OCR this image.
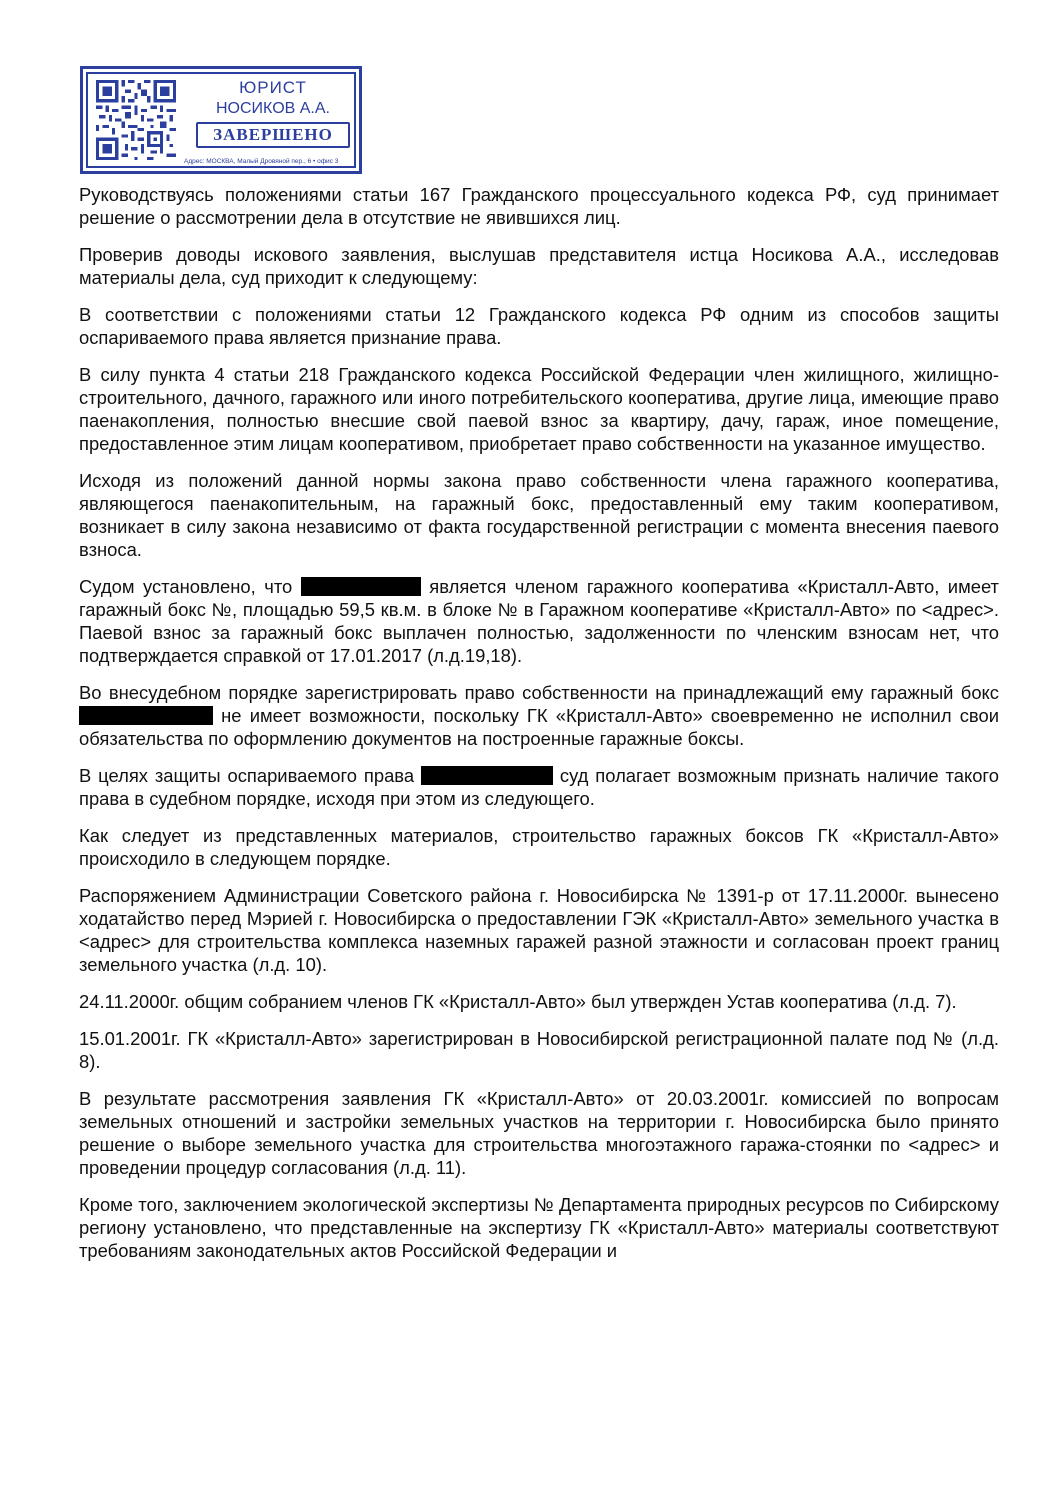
ЮРИСТ
НОСИКОВ А.А.
ЗАВЕРШЕНО
Адрес: МОСКВА, Малый Дровяной пер., 6 • офис 3

Руководствуясь положениями статьи 167 Гражданского процессуального кодекса РФ, суд принимает решение о рассмотрении дела в отсутствие не явившихся лиц.

Проверив доводы искового заявления, выслушав представителя истца Носикова А.А., исследовав материалы дела, суд приходит к следующему:

В соответствии с положениями статьи 12 Гражданского кодекса РФ одним из способов защиты оспариваемого права является признание права.

В силу пункта 4 статьи 218 Гражданского кодекса Российской Федерации член жилищного, жилищно-строительного, дачного, гаражного или иного потребительского кооператива, другие лица, имеющие право паенакопления, полностью внесшие свой паевой взнос за квартиру, дачу, гараж, иное помещение, предоставленное этим лицам кооперативом, приобретает право собственности на указанное имущество.

Исходя из положений данной нормы закона право собственности члена гаражного кооператива, являющегося паенакопительным, на гаражный бокс, предоставленный ему таким кооперативом, возникает в силу закона независимо от факта государственной регистрации с момента внесения паевого взноса.

Судом установлено, что	является членом гаражного кооператива «Кристалл-Авто, имеет гаражный бокс №, площадью 59,5 кв.м. в блоке № в Гаражном кооперативе «Кристалл-Авто» по <адрес>. Паевой взнос за гаражный бокс выплачен полностью, задолженности по членским взносам нет, что подтверждается справкой от 17.01.2017 (л.д.19,18).

Во внесудебном порядке зарегистрировать право собственности на принадлежащий ему гаражный бокс  не имеет возможности, поскольку ГК «Кристалл-Авто» своевременно не исполнил свои обязательства по оформлению документов на построенные гаражные боксы.

В целях защиты оспариваемого права	суд полагает возможным признать наличие такого права в судебном порядке, исходя при этом из следующего.

Как следует из представленных материалов, строительство гаражных боксов ГК «Кристалл-Авто» происходило в следующем порядке.

Распоряжением Администрации Советского района г. Новосибирска № 1391-р от 17.11.2000г. вынесено ходатайство перед Мэрией г. Новосибирска о предоставлении ГЭК «Кристалл-Авто» земельного участка в <адрес> для строительства комплекса наземных гаражей разной этажности и согласован проект границ земельного участка (л.д. 10).

24.11.2000г. общим собранием членов ГК «Кристалл-Авто» был утвержден Устав кооператива (л.д. 7).

15.01.2001г. ГК «Кристалл-Авто» зарегистрирован в Новосибирской регистрационной палате под № (л.д. 8).

В результате рассмотрения заявления ГК «Кристалл-Авто» от 20.03.2001г. комиссией по вопросам земельных отношений и застройки земельных участков на территории г. Новосибирска было принято решение о выборе земельного участка для строительства многоэтажного гаража-стоянки по <адрес> и проведении процедур согласования (л.д. 11).

Кроме того, заключением экологической экспертизы № Департамента природных ресурсов по Сибирскому региону установлено, что представленные на экспертизу ГК «Кристалл-Авто» материалы соответствуют требованиям законодательных актов Российской Федерации и
